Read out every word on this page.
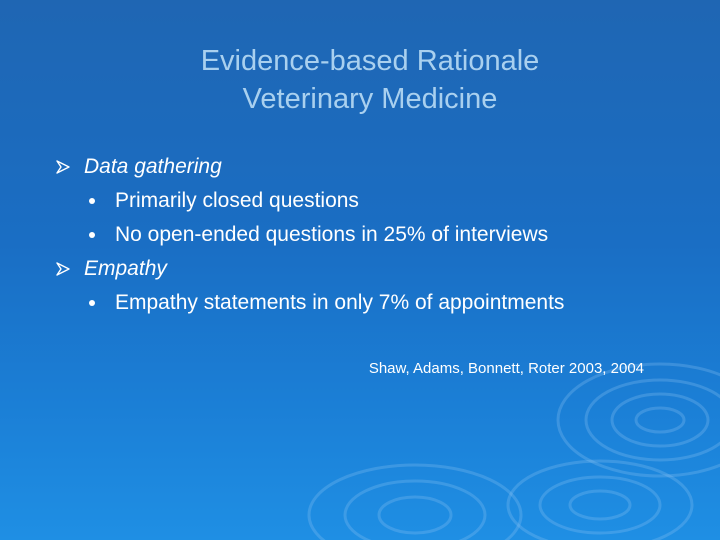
Evidence-based Rationale
Veterinary Medicine
Data gathering
Primarily closed questions
No open-ended questions in 25% of interviews
Empathy
Empathy statements in only 7% of appointments
Shaw, Adams, Bonnett, Roter 2003, 2004
